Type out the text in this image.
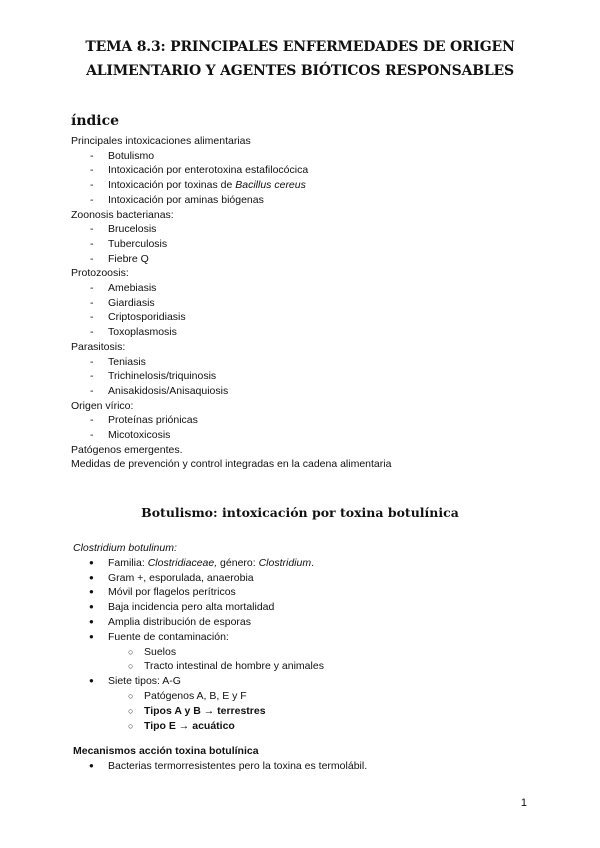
TEMA 8.3: PRINCIPALES ENFERMEDADES DE ORIGEN
ALIMENTARIO Y AGENTES BIÓTICOS RESPONSABLES
índice
Principales intoxicaciones alimentarias
- Botulismo
- Intoxicación por enterotoxina estafilocócica
- Intoxicación por toxinas de Bacillus cereus
- Intoxicación por aminas biógenas
Zoonosis bacterianas:
- Brucelosis
- Tuberculosis
- Fiebre Q
Protozoosis:
- Amebiasis
- Giardiasis
- Criptosporidiasis
- Toxoplasmosis
Parasitosis:
- Teniasis
- Trichinelosis/triquinosis
- Anisakidosis/Anisaquiosis
Origen vírico:
- Proteínas priónicas
- Micotoxicosis
Patógenos emergentes.
Medidas de prevención y control integradas en la cadena alimentaria
Botulismo: intoxicación por toxina botulínica
Clostridium botulinum:
● Familia: Clostridiaceae, género: Clostridium.
● Gram +, esporulada, anaerobia
● Móvil por flagelos perítricos
● Baja incidencia pero alta mortalidad
● Amplia distribución de esporas
● Fuente de contaminación:
○ Suelos
○ Tracto intestinal de hombre y animales
● Siete tipos: A-G
○ Patógenos A, B, E y F
○ Tipos A y B → terrestres
○ Tipo E → acuático
Mecanismos acción toxina botulínica
● Bacterias termorresistentes pero la toxina es termolábil.
1
